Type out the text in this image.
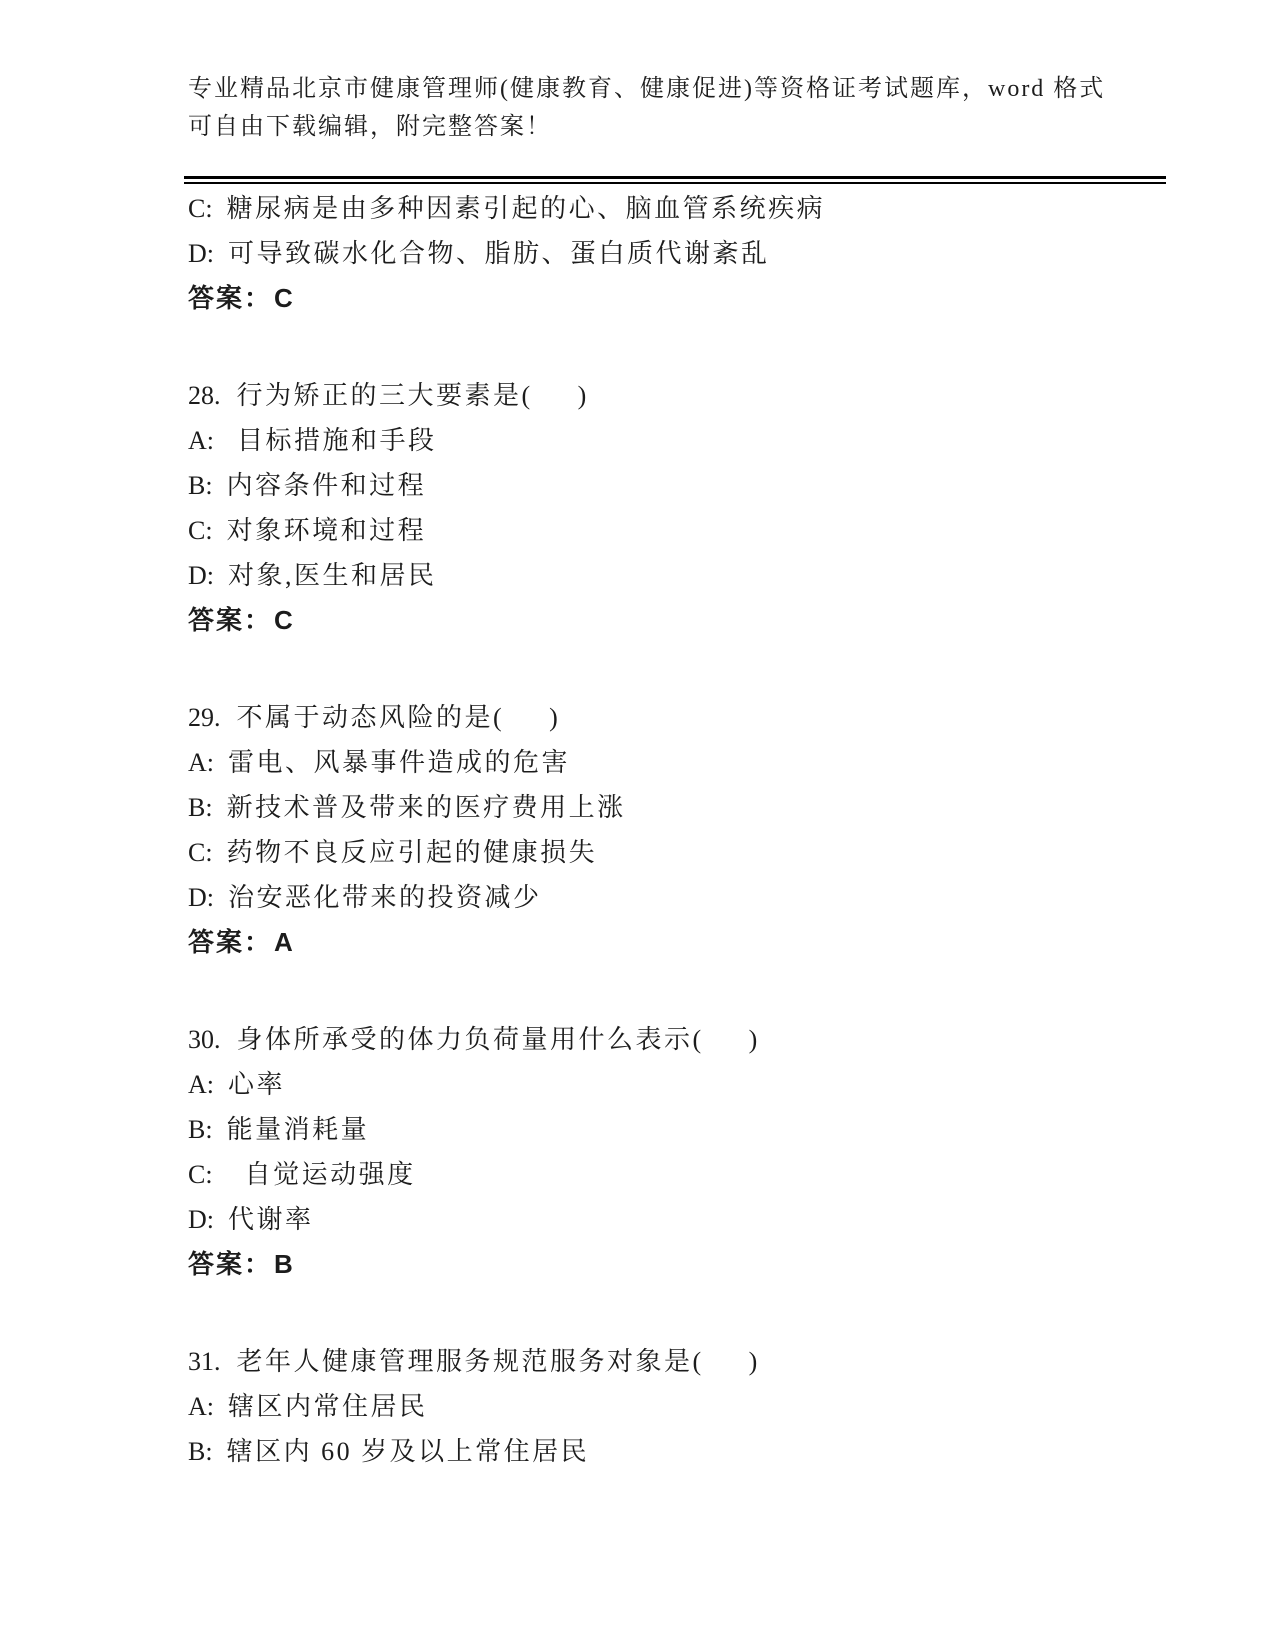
专业精品北京市健康管理师(健康教育、健康促进)等资格证考试题库，word 格式

可自由下载编辑，附完整答案！

C: 糖尿病是由多种因素引起的心、脑血管系统疾病

D: 可导致碳水化合物、脂肪、蛋白质代谢紊乱

答案：C

28. 行为矫正的三大要素是(     )

A: 目标措施和手段

B: 内容条件和过程

C: 对象环境和过程

D: 对象,医生和居民

答案：C

29. 不属于动态风险的是(     )

A: 雷电、风暴事件造成的危害

B: 新技术普及带来的医疗费用上涨

C: 药物不良反应引起的健康损失

D: 治安恶化带来的投资减少

答案：A

30. 身体所承受的体力负荷量用什么表示(     )

A: 心率

B: 能量消耗量

C:  自觉运动强度

D: 代谢率

答案：B

31. 老年人健康管理服务规范服务对象是(     )

A: 辖区内常住居民

B: 辖区内 60 岁及以上常住居民
